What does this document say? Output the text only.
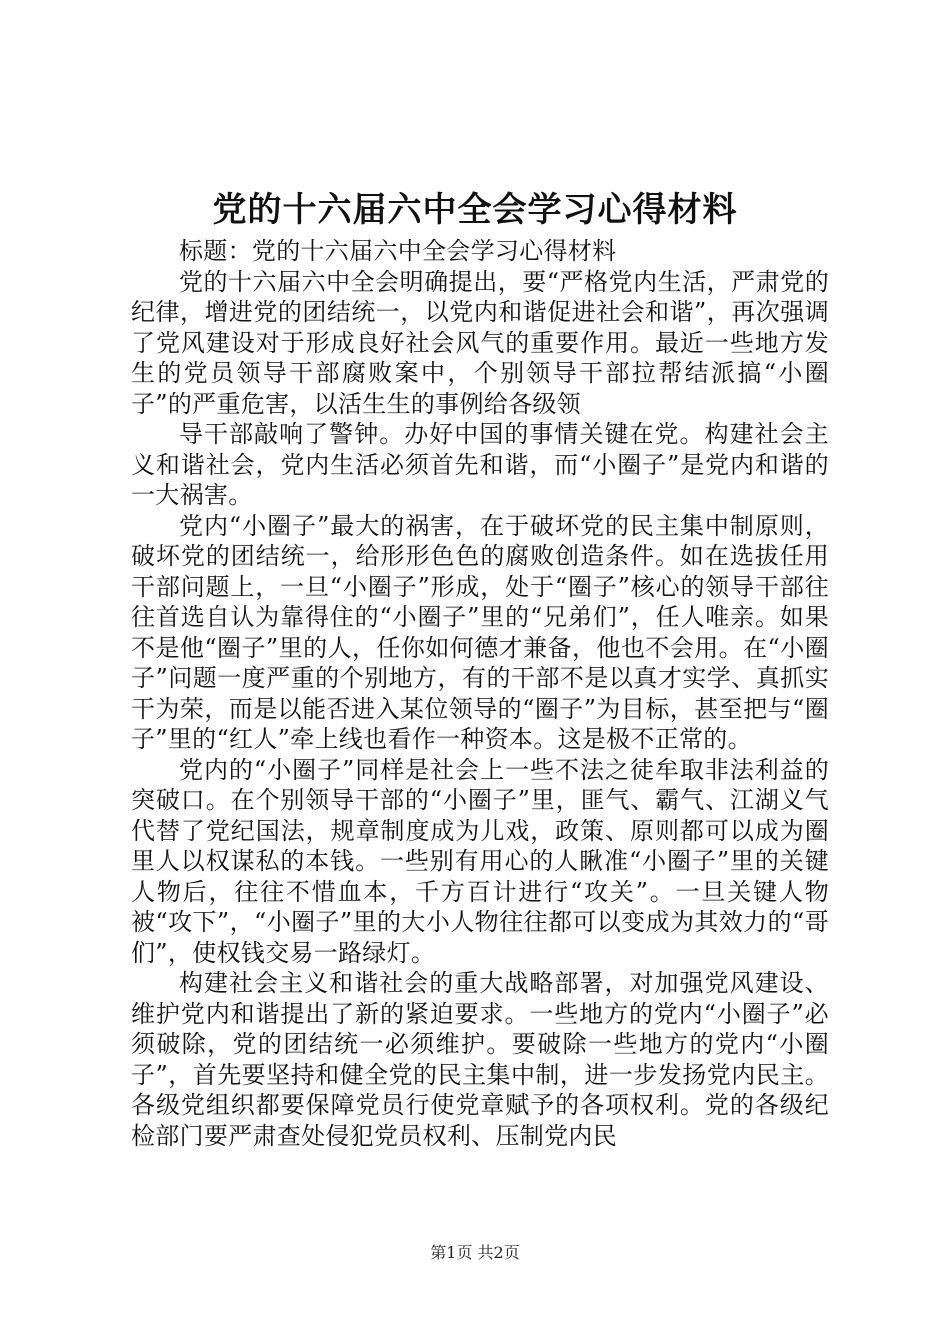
党的十六届六中全会学习心得材料

标题：党的十六届六中全会学习心得材料

党的十六届六中全会明确提出，要“严格党内生活，严肃党的纪律，增进党的团结统一，以党内和谐促进社会和谐”，再次强调了党风建设对于形成良好社会风气的重要作用。最近一些地方发生的党员领导干部腐败案中，个别领导干部拉帮结派搞“小圈子”的严重危害，以活生生的事例给各级领

导干部敲响了警钟。办好中国的事情关键在党。构建社会主义和谐社会，党内生活必须首先和谐，而“小圈子”是党内和谐的一大祸害。

党内“小圈子”最大的祸害，在于破坏党的民主集中制原则，破坏党的团结统一，给形形色色的腐败创造条件。如在选拔任用干部问题上，一旦“小圈子”形成，处于“圈子”核心的领导干部往往首选自认为靠得住的“小圈子”里的“兄弟们”，任人唯亲。如果不是他“圈子”里的人，任你如何德才兼备，他也不会用。在“小圈子”问题一度严重的个别地方，有的干部不是以真才实学、真抓实干为荣，而是以能否进入某位领导的“圈子”为目标，甚至把与“圈子”里的“红人”牵上线也看作一种资本。这是极不正常的。

党内的“小圈子”同样是社会上一些不法之徒牟取非法利益的突破口。在个别领导干部的“小圈子”里，匪气、霸气、江湖义气代替了党纪国法，规章制度成为儿戏，政策、原则都可以成为圈里人以权谋私的本钱。一些别有用心的人瞅准“小圈子”里的关键人物后，往往不惜血本，千方百计进行“攻关”。一旦关键人物被“攻下”，“小圈子”里的大小人物往往都可以变成为其效力的“哥们”，使权钱交易一路绿灯。

构建社会主义和谐社会的重大战略部署，对加强党风建设、维护党内和谐提出了新的紧迫要求。一些地方的党内“小圈子”必须破除，党的团结统一必须维护。要破除一些地方的党内“小圈子”，首先要坚持和健全党的民主集中制，进一步发扬党内民主。各级党组织都要保障党员行使党章赋予的各项权利。党的各级纪检部门要严肃查处侵犯党员权利、压制党内民

第1页 共2页
